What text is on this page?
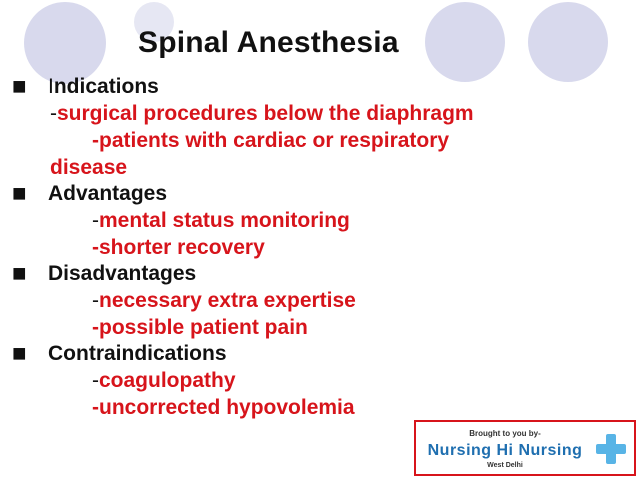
Spinal Anesthesia
■ Indications
-surgical procedures below the diaphragm
-patients with cardiac or respiratory
disease
■ Advantages
-mental status monitoring
-shorter recovery
■ Disadvantages
-necessary extra expertise
-possible patient pain
■ Contraindications
-coagulopathy
-uncorrected hypovolemia
Brought to you by-
Nursing Hi Nursing
West Delhi
